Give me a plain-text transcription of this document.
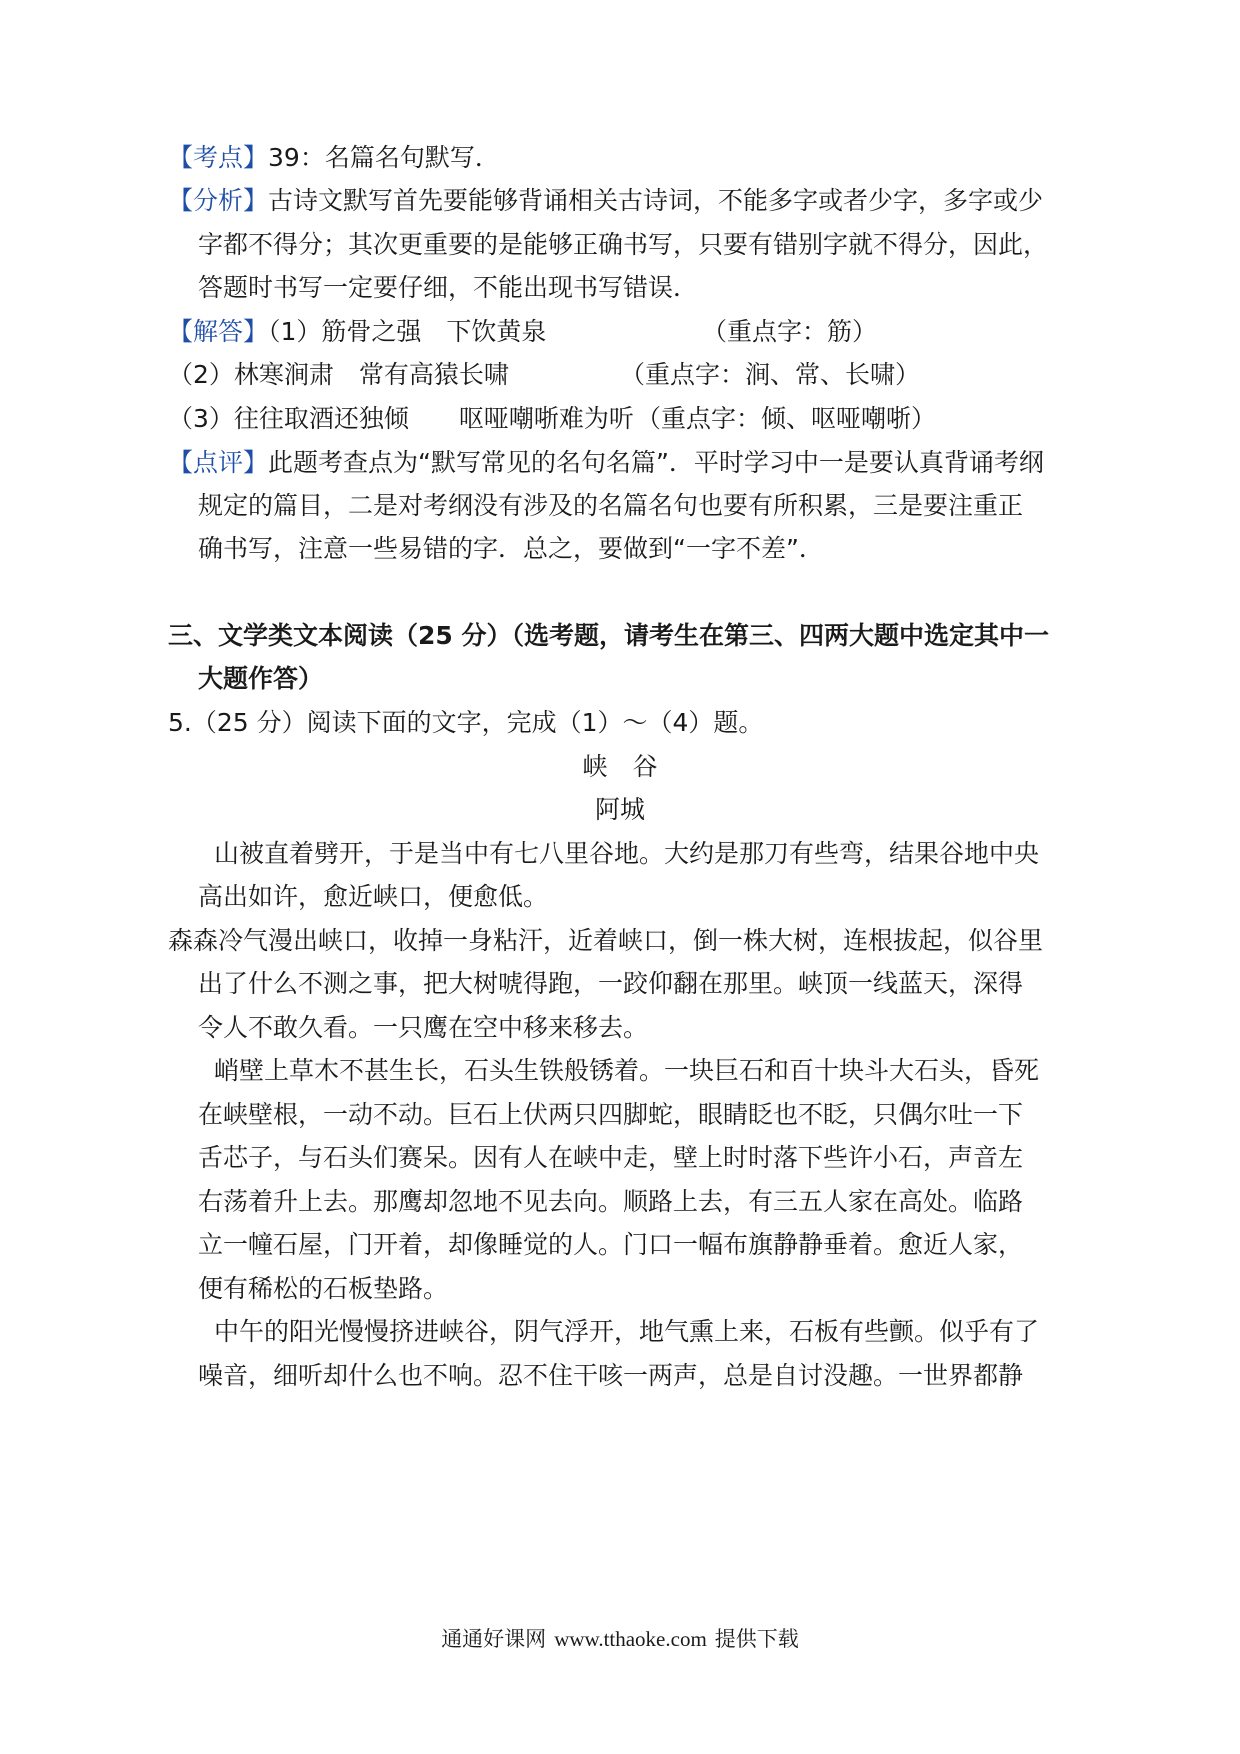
【考点】39：名篇名句默写．
【分析】古诗文默写首先要能够背诵相关古诗词，不能多字或者少字，多字或少
字都不得分；其次更重要的是能够正确书写，只要有错别字就不得分，因此，
答题时书写一定要仔细，不能出现书写错误．
【解答】（1）筋骨之强　下饮黄泉	（重点字：筋）
（2）林寒涧肃　常有高猿长啸	（重点字：涧、常、长啸）
（3）往往取酒还独倾　　呕哑嘲哳难为听 （重点字：倾、呕哑嘲哳）
【点评】此题考查点为“默写常见的名句名篇”．平时学习中一是要认真背诵考纲
规定的篇目，二是对考纲没有涉及的名篇名句也要有所积累，三是要注重正
确书写，注意一些易错的字．总之，要做到“一字不差”．
三、文学类文本阅读（25 分）（选考题，请考生在第三、四两大题中选定其中一
大题作答）
5.（25 分）阅读下面的文字，完成（1）～（4）题。
峡　谷
阿城
山被直着劈开，于是当中有七八里谷地。大约是那刀有些弯，结果谷地中央
高出如许，愈近峡口，便愈低。
森森冷气漫出峡口，收掉一身粘汗，近着峡口，倒一株大树，连根拔起，似谷里
出了什么不测之事，把大树唬得跑，一跤仰翻在那里。峡顶一线蓝天，深得
令人不敢久看。一只鹰在空中移来移去。
峭壁上草木不甚生长，石头生铁般锈着。一块巨石和百十块斗大石头，昏死
在峡壁根，一动不动。巨石上伏两只四脚蛇，眼睛眨也不眨，只偶尔吐一下
舌芯子，与石头们赛呆。因有人在峡中走，壁上时时落下些许小石，声音左
右荡着升上去。那鹰却忽地不见去向。顺路上去，有三五人家在高处。临路
立一幢石屋，门开着，却像睡觉的人。门口一幅布旗静静垂着。愈近人家，
便有稀松的石板垫路。
中午的阳光慢慢挤进峡谷，阴气浮开，地气熏上来，石板有些颤。似乎有了
噪音，细听却什么也不响。忍不住干咳一两声，总是自讨没趣。一世界都静
通通好课网 www.tthaoke.com 提供下载
